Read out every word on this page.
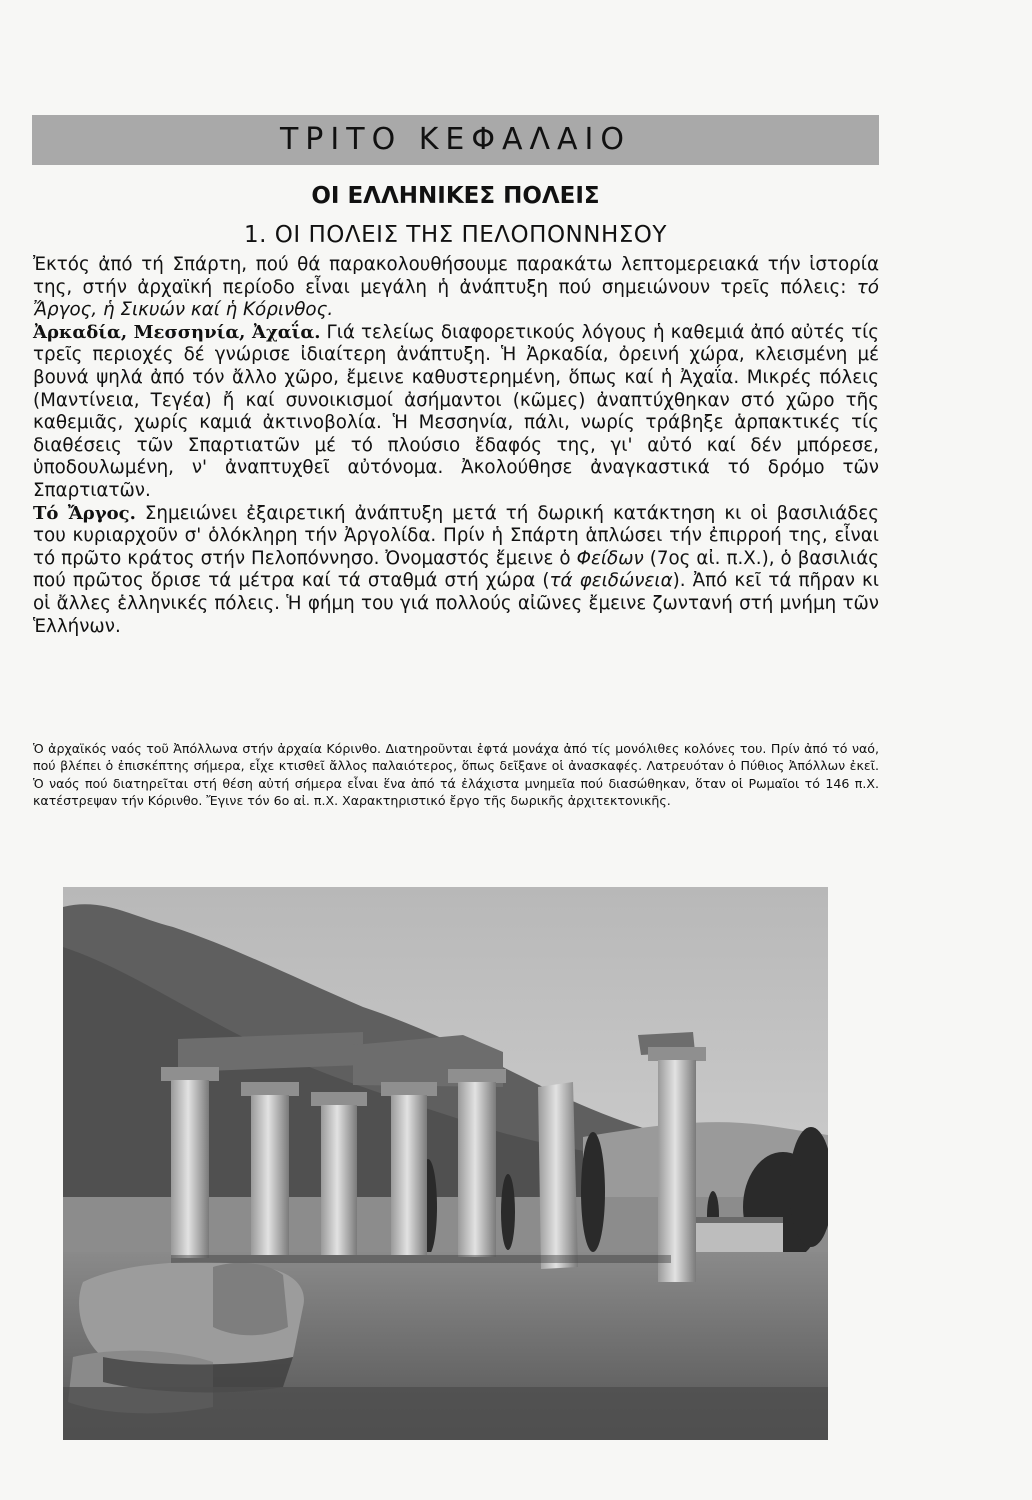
ΤΡΙΤΟ ΚΕΦΑΛΑΙΟ
ΟΙ ΕΛΛΗΝΙΚΕΣ ΠΟΛΕΙΣ
1. ΟΙ ΠΟΛΕΙΣ ΤΗΣ ΠΕΛΟΠΟΝΝΗΣΟΥ

Ἐκτός ἀπό τή Σπάρτη, πού θά παρακολουθήσουμε παρακάτω λεπτομερειακά τήν ἱστορία της, στήν ἀρχαϊκή περίοδο εἶναι μεγάλη ἡ ἀνάπτυξη πού σημειώνουν τρεῖς πόλεις: τό Ἄργος, ἡ Σικυών καί ἡ Κόρινθος.

Ἀρκαδία, Μεσσηνία, Ἀχαΐα. Γιά τελείως διαφορετικούς λόγους ἡ καθεμιά ἀπό αὐτές τίς τρεῖς περιοχές δέ γνώρισε ἰδιαίτερη ἀνάπτυξη. Ἡ Ἀρκαδία, ὀρεινή χώρα, κλεισμένη μέ βουνά ψηλά ἀπό τόν ἄλλο χῶρο, ἔμεινε καθυστερημένη, ὅπως καί ἡ Ἀχαΐα. Μικρές πόλεις (Μαντίνεια, Τεγέα) ἤ καί συνοικισμοί ἀσήμαντοι (κῶμες) ἀναπτύχθηκαν στό χῶρο τῆς καθεμιᾶς, χωρίς καμιά ἀκτινοβολία. Ἡ Μεσσηνία, πάλι, νωρίς τράβηξε ἁρπακτικές τίς διαθέσεις τῶν Σπαρτιατῶν μέ τό πλούσιο ἔδαφός της, γι' αὐτό καί δέν μπόρεσε, ὑποδουλωμένη, ν' ἀναπτυχθεῖ αὐτόνομα. Ἀκολούθησε ἀναγκαστικά τό δρόμο τῶν Σπαρτιατῶν.

Τό Ἄργος. Σημειώνει ἐξαιρετική ἀνάπτυξη μετά τή δωρική κατάκτηση κι οἱ βασιλιάδες του κυριαρχοῦν σ' ὁλόκληρη τήν Ἀργολίδα. Πρίν ἡ Σπάρτη ἁπλώσει τήν ἐπιρροή της, εἶναι τό πρῶτο κράτος στήν Πελοπόννησο. Ὀνομαστός ἔμεινε ὁ Φείδων (7ος αἰ. π.Χ.), ὁ βασιλιάς πού πρῶτος ὅρισε τά μέτρα καί τά σταθμά στή χώρα (τά φειδώνεια). Ἀπό κεῖ τά πῆραν κι οἱ ἄλλες ἑλληνικές πόλεις. Ἡ φήμη του γιά πολλούς αἰῶνες ἔμεινε ζωντανή στή μνήμη τῶν Ἑλλήνων.

Ὁ ἀρχαϊκός ναός τοῦ Ἀπόλλωνα στήν ἀρχαία Κόρινθο. Διατηροῦνται ἑφτά μονάχα ἀπό τίς μονόλιθες κολόνες του. Πρίν ἀπό τό ναό, πού βλέπει ὁ ἐπισκέπτης σήμερα, εἶχε κτισθεῖ ἄλλος παλαιότερος, ὅπως δεῖξανε οἱ ἀνασκαφές. Λατρευόταν ὁ Πύθιος Ἀπόλλων ἐκεῖ. Ὁ ναός πού διατηρεῖται στή θέση αὐτή σήμερα εἶναι ἕνα ἀπό τά ἐλάχιστα μνημεῖα πού διασώθηκαν, ὅταν οἱ Ρωμαῖοι τό 146 π.Χ. κατέστρεψαν τήν Κόρινθο. Ἔγινε τόν 6ο αἰ. π.Χ. Χαρακτηριστικό ἔργο τῆς δωρικῆς ἀρχιτεκτονικῆς.
